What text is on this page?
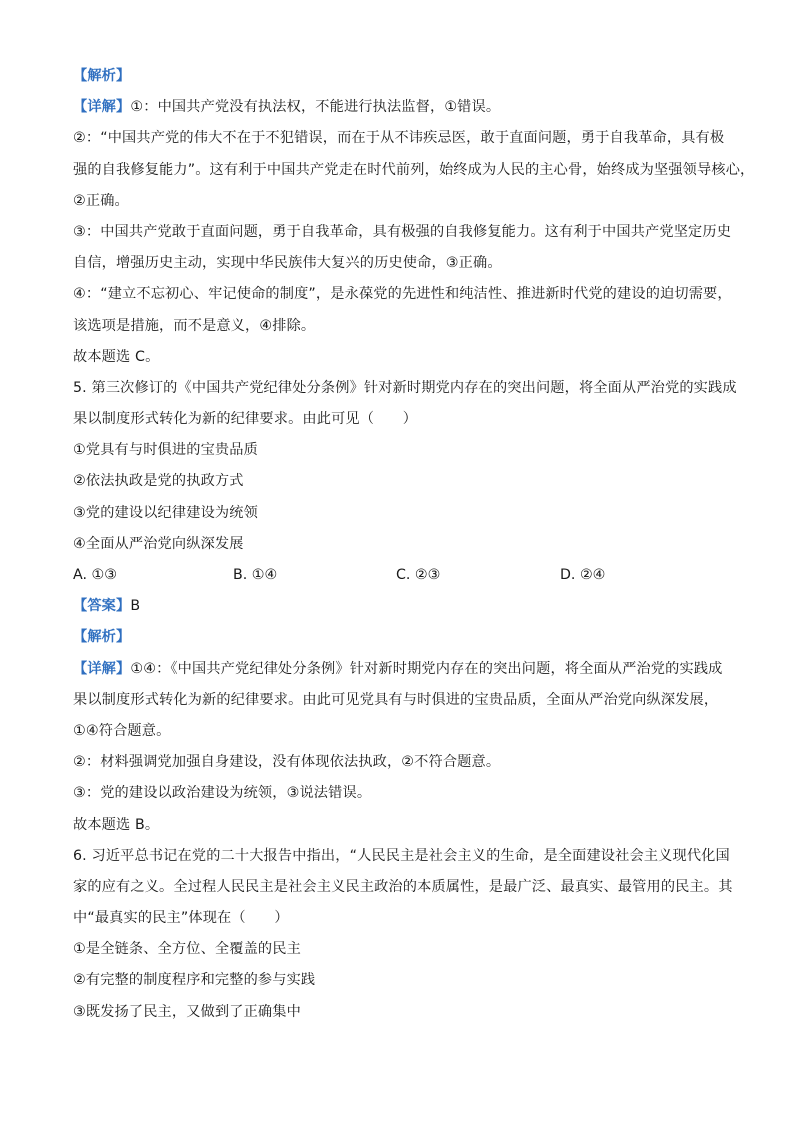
【解析】
【详解】①：中国共产党没有执法权，不能进行执法监督，①错误。
②：“中国共产党的伟大不在于不犯错误，而在于从不讳疾忌医，敢于直面问题，勇于自我革命，具有极
强的自我修复能力”。这有利于中国共产党走在时代前列，始终成为人民的主心骨，始终成为坚强领导核心，
②正确。
③：中国共产党敢于直面问题，勇于自我革命，具有极强的自我修复能力。这有利于中国共产党坚定历史
自信，增强历史主动，实现中华民族伟大复兴的历史使命，③正确。
④：“建立不忘初心、牢记使命的制度”，是永葆党的先进性和纯洁性、推进新时代党的建设的迫切需要，
该选项是措施，而不是意义，④排除。
故本题选 C。
5. 第三次修订的《中国共产党纪律处分条例》针对新时期党内存在的突出问题，将全面从严治党的实践成
果以制度形式转化为新的纪律要求。由此可见（　　）
①党具有与时俱进的宝贵品质
②依法执政是党的执政方式
③党的建设以纪律建设为统领
④全面从严治党向纵深发展
A. ①③	B. ①④	C. ②③	D. ②④
【答案】B
【解析】
【详解】①④：《中国共产党纪律处分条例》针对新时期党内存在的突出问题，将全面从严治党的实践成
果以制度形式转化为新的纪律要求。由此可见党具有与时俱进的宝贵品质，全面从严治党向纵深发展，
①④符合题意。
②：材料强调党加强自身建设，没有体现依法执政，②不符合题意。
③：党的建设以政治建设为统领，③说法错误。
故本题选 B。
6. 习近平总书记在党的二十大报告中指出，“人民民主是社会主义的生命，是全面建设社会主义现代化国
家的应有之义。全过程人民民主是社会主义民主政治的本质属性，是最广泛、最真实、最管用的民主。其
中“最真实的民主”体现在（　　）
①是全链条、全方位、全覆盖的民主
②有完整的制度程序和完整的参与实践
③既发扬了民主，又做到了正确集中
